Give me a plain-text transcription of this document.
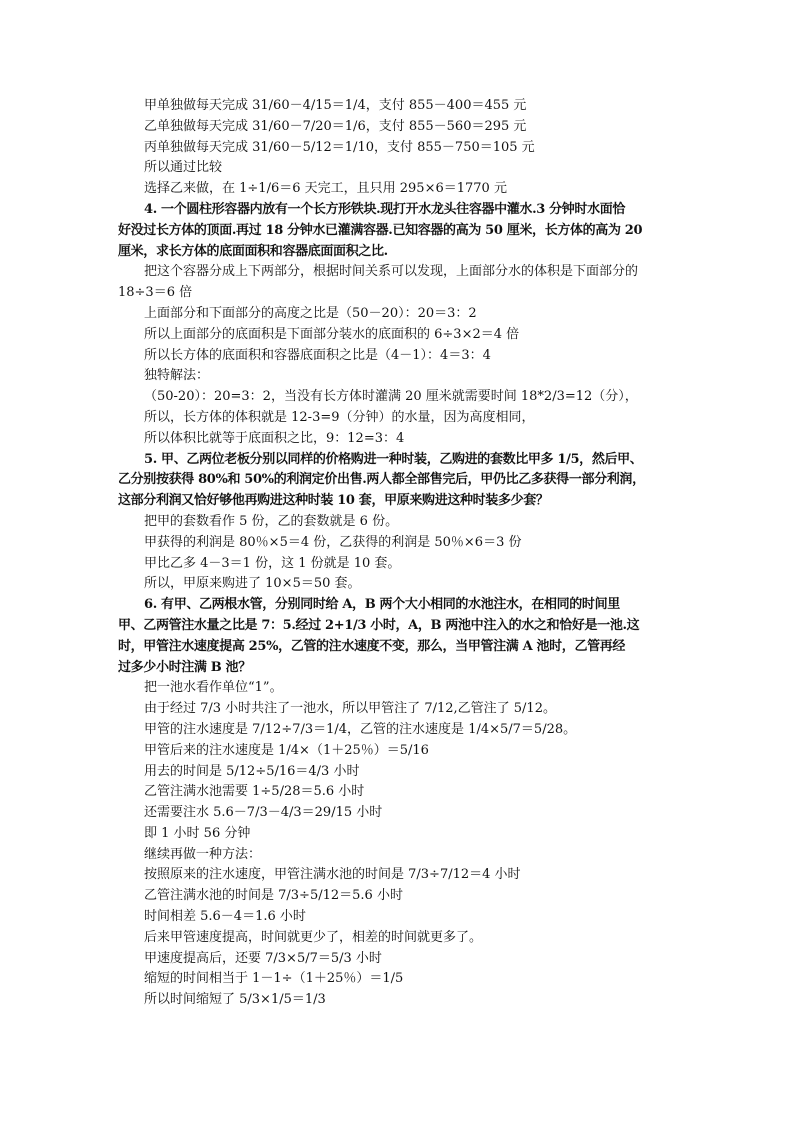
甲单独做每天完成 31/60－4/15＝1/4，支付 855－400＝455 元
乙单独做每天完成 31/60－7/20＝1/6，支付 855－560＝295 元
丙单独做每天完成 31/60－5/12＝1/10，支付 855－750＝105 元
所以通过比较
选择乙来做，在 1÷1/6＝6 天完工，且只用 295×6＝1770 元
4. 一个圆柱形容器内放有一个长方形铁块.现打开水龙头往容器中灌水.3 分钟时水面恰
好没过长方体的顶面.再过 18 分钟水已灌满容器.已知容器的高为 50 厘米，长方体的高为 20
厘米，求长方体的底面面积和容器底面面积之比.
把这个容器分成上下两部分，根据时间关系可以发现，上面部分水的体积是下面部分的
18÷3＝6 倍
上面部分和下面部分的高度之比是（50－20）：20＝3：2
所以上面部分的底面积是下面部分装水的底面积的 6÷3×2＝4 倍
所以长方体的底面积和容器底面积之比是（4－1）：4＝3：4
独特解法：
（50-20）：20=3：2，当没有长方体时灌满 20 厘米就需要时间 18*2/3=12（分），
所以，长方体的体积就是 12-3=9（分钟）的水量，因为高度相同，
所以体积比就等于底面积之比，9：12=3：4
5. 甲、乙两位老板分别以同样的价格购进一种时装，乙购进的套数比甲多 1/5，然后甲、
乙分别按获得 80%和 50%的利润定价出售.两人都全部售完后，甲仍比乙多获得一部分利润，
这部分利润又恰好够他再购进这种时装 10 套，甲原来购进这种时装多少套？
把甲的套数看作 5 份，乙的套数就是 6 份。
甲获得的利润是 80％×5＝4 份，乙获得的利润是 50％×6＝3 份
甲比乙多 4－3＝1 份，这 1 份就是 10 套。
所以，甲原来购进了 10×5＝50 套。
6. 有甲、乙两根水管，分别同时给 A，B 两个大小相同的水池注水，在相同的时间里
甲、乙两管注水量之比是 7：5.经过 2+1/3 小时，A，B 两池中注入的水之和恰好是一池.这
时，甲管注水速度提高 25%，乙管的注水速度不变，那么，当甲管注满 A 池时，乙管再经
过多少小时注满 B 池？
把一池水看作单位“1”。
由于经过 7/3 小时共注了一池水，所以甲管注了 7/12,乙管注了 5/12。
甲管的注水速度是 7/12÷7/3＝1/4，乙管的注水速度是 1/4×5/7＝5/28。
甲管后来的注水速度是 1/4×（1＋25％）＝5/16
用去的时间是 5/12÷5/16＝4/3 小时
乙管注满水池需要 1÷5/28＝5.6 小时
还需要注水 5.6－7/3－4/3＝29/15 小时
即 1 小时 56 分钟
继续再做一种方法：
按照原来的注水速度，甲管注满水池的时间是 7/3÷7/12＝4 小时
乙管注满水池的时间是 7/3÷5/12＝5.6 小时
时间相差 5.6－4＝1.6 小时
后来甲管速度提高，时间就更少了，相差的时间就更多了。
甲速度提高后，还要 7/3×5/7＝5/3 小时
缩短的时间相当于 1－1÷（1＋25％）＝1/5
所以时间缩短了 5/3×1/5＝1/3
